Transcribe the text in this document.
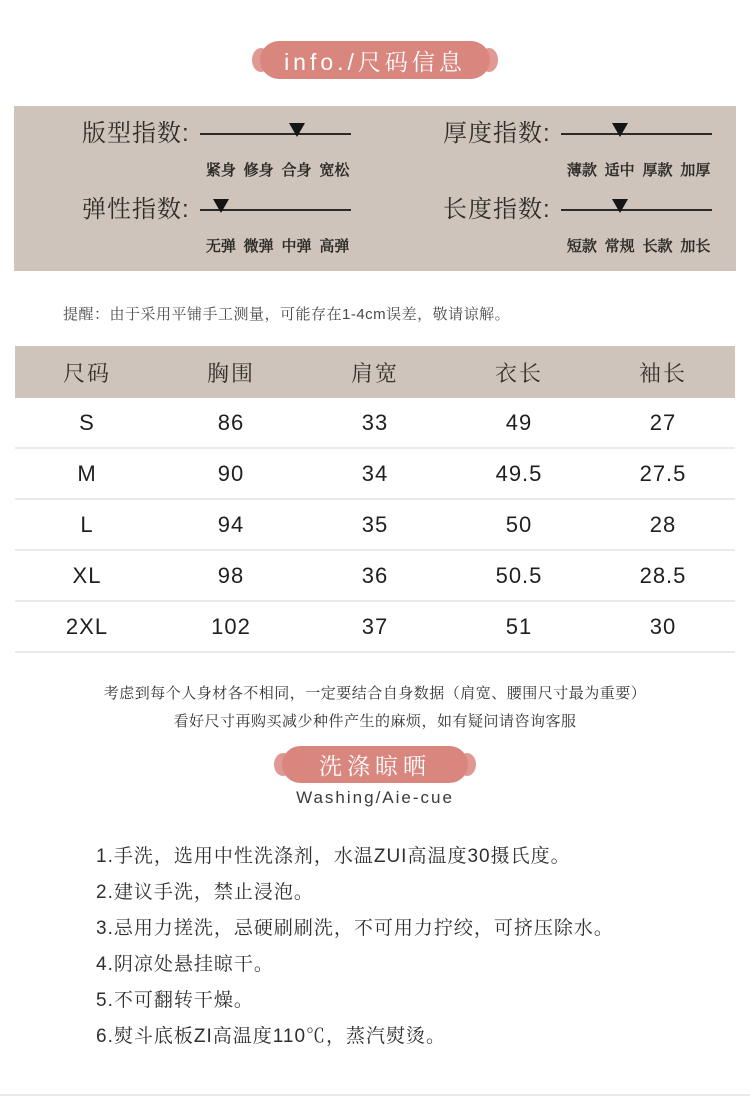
info./尺码信息
版型指数:
紧身 修身 合身 宽松
厚度指数:
薄款 适中 厚款 加厚
弹性指数:
无弹 微弹 中弹 高弹
长度指数:
短款 常规 长款 加长

提醒：由于采用平铺手工测量，可能存在1-4cm误差，敬请谅解。

尺码	胸围	肩宽	衣长	袖长
S	86	33	49	27
M	90	34	49.5	27.5
L	94	35	50	28
XL	98	36	50.5	28.5
2XL	102	37	51	30

考虑到每个人身材各不相同，一定要结合自身数据（肩宽、腰围尺寸最为重要）

看好尺寸再购买减少种件产生的麻烦，如有疑问请咨询客服

洗涤晾晒
Washing/Aie-cue
1.手洗，选用中性洗涤剂，水温ZUI高温度30摄氏度。
2.建议手洗，禁止浸泡。
3.忌用力搓洗，忌硬刷刷洗，不可用力拧绞，可挤压除水。
4.阴凉处悬挂晾干。
5.不可翻转干燥。
6.熨斗底板ZI高温度110℃，蒸汽熨烫。
